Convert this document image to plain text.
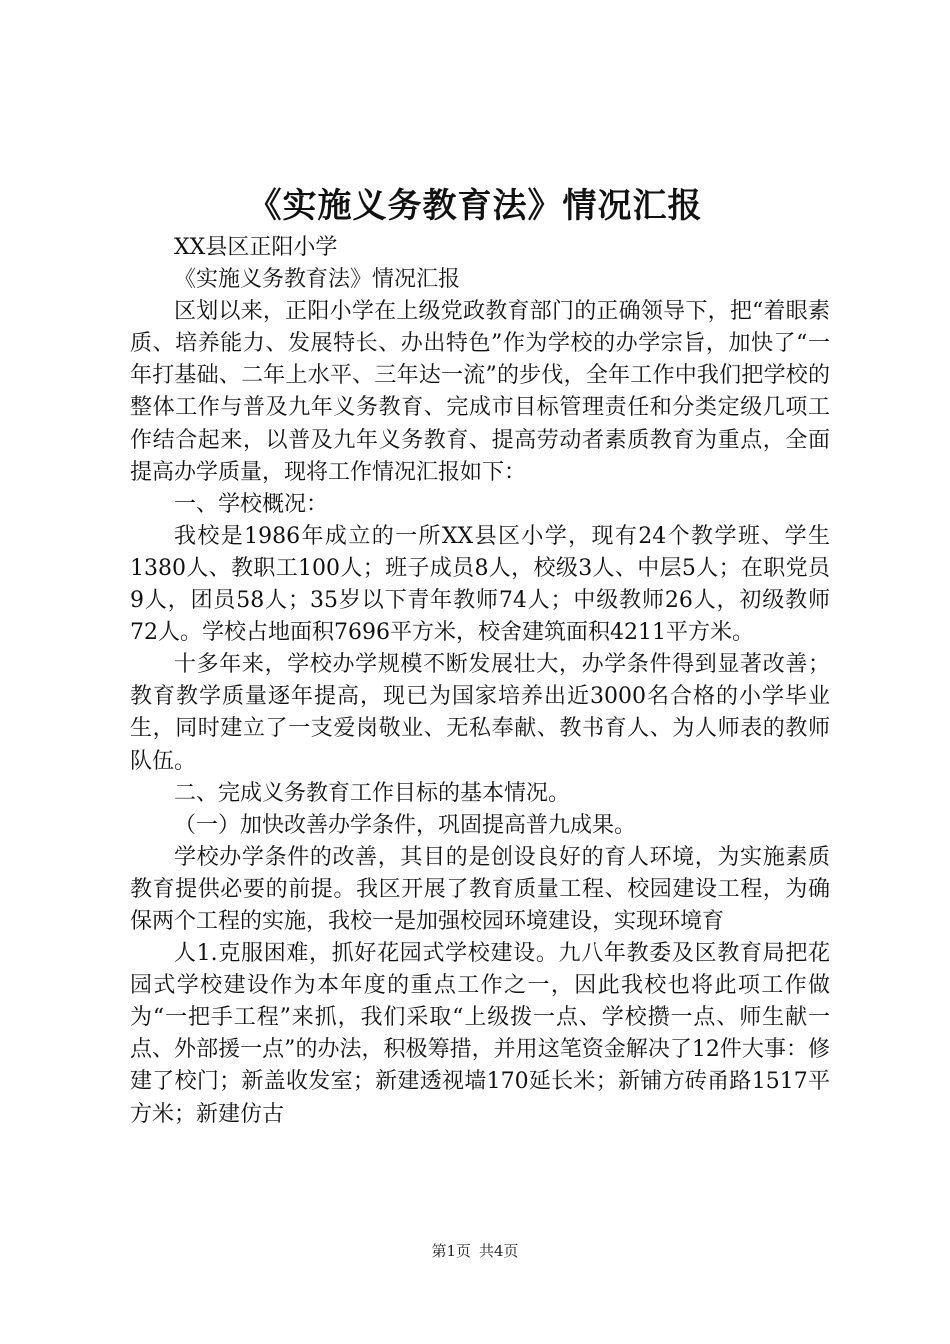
《实施义务教育法》情况汇报

XX县区正阳小学

《实施义务教育法》情况汇报

区划以来，正阳小学在上级党政教育部门的正确领导下，把“着眼素质、培养能力、发展特长、办出特色”作为学校的办学宗旨，加快了“一年打基础、二年上水平、三年达一流”的步伐，全年工作中我们把学校的整体工作与普及九年义务教育、完成市目标管理责任和分类定级几项工作结合起来，以普及九年义务教育、提高劳动者素质教育为重点，全面提高办学质量，现将工作情况汇报如下：

一、学校概况：

我校是1986年成立的一所XX县区小学，现有24个教学班、学生1380人、教职工100人；班子成员8人，校级3人、中层5人；在职党员9人，团员58人；35岁以下青年教师74人；中级教师26人，初级教师72人。学校占地面积7696平方米，校舍建筑面积4211平方米。

十多年来，学校办学规模不断发展壮大，办学条件得到显著改善；教育教学质量逐年提高，现已为国家培养出近3000名合格的小学毕业生，同时建立了一支爱岗敬业、无私奉献、教书育人、为人师表的教师队伍。

二、完成义务教育工作目标的基本情况。

（一）加快改善办学条件，巩固提高普九成果。

学校办学条件的改善，其目的是创设良好的育人环境，为实施素质教育提供必要的前提。我区开展了教育质量工程、校园建设工程，为确保两个工程的实施，我校一是加强校园环境建设，实现环境育

人1.克服困难，抓好花园式学校建设。九八年教委及区教育局把花园式学校建设作为本年度的重点工作之一，因此我校也将此项工作做为“一把手工程”来抓，我们采取“上级拨一点、学校攒一点、师生献一点、外部援一点”的办法，积极筹措，并用这笔资金解决了12件大事：修建了校门；新盖收发室；新建透视墙170延长米；新铺方砖甬路1517平方米；新建仿古

第1页 共4页
